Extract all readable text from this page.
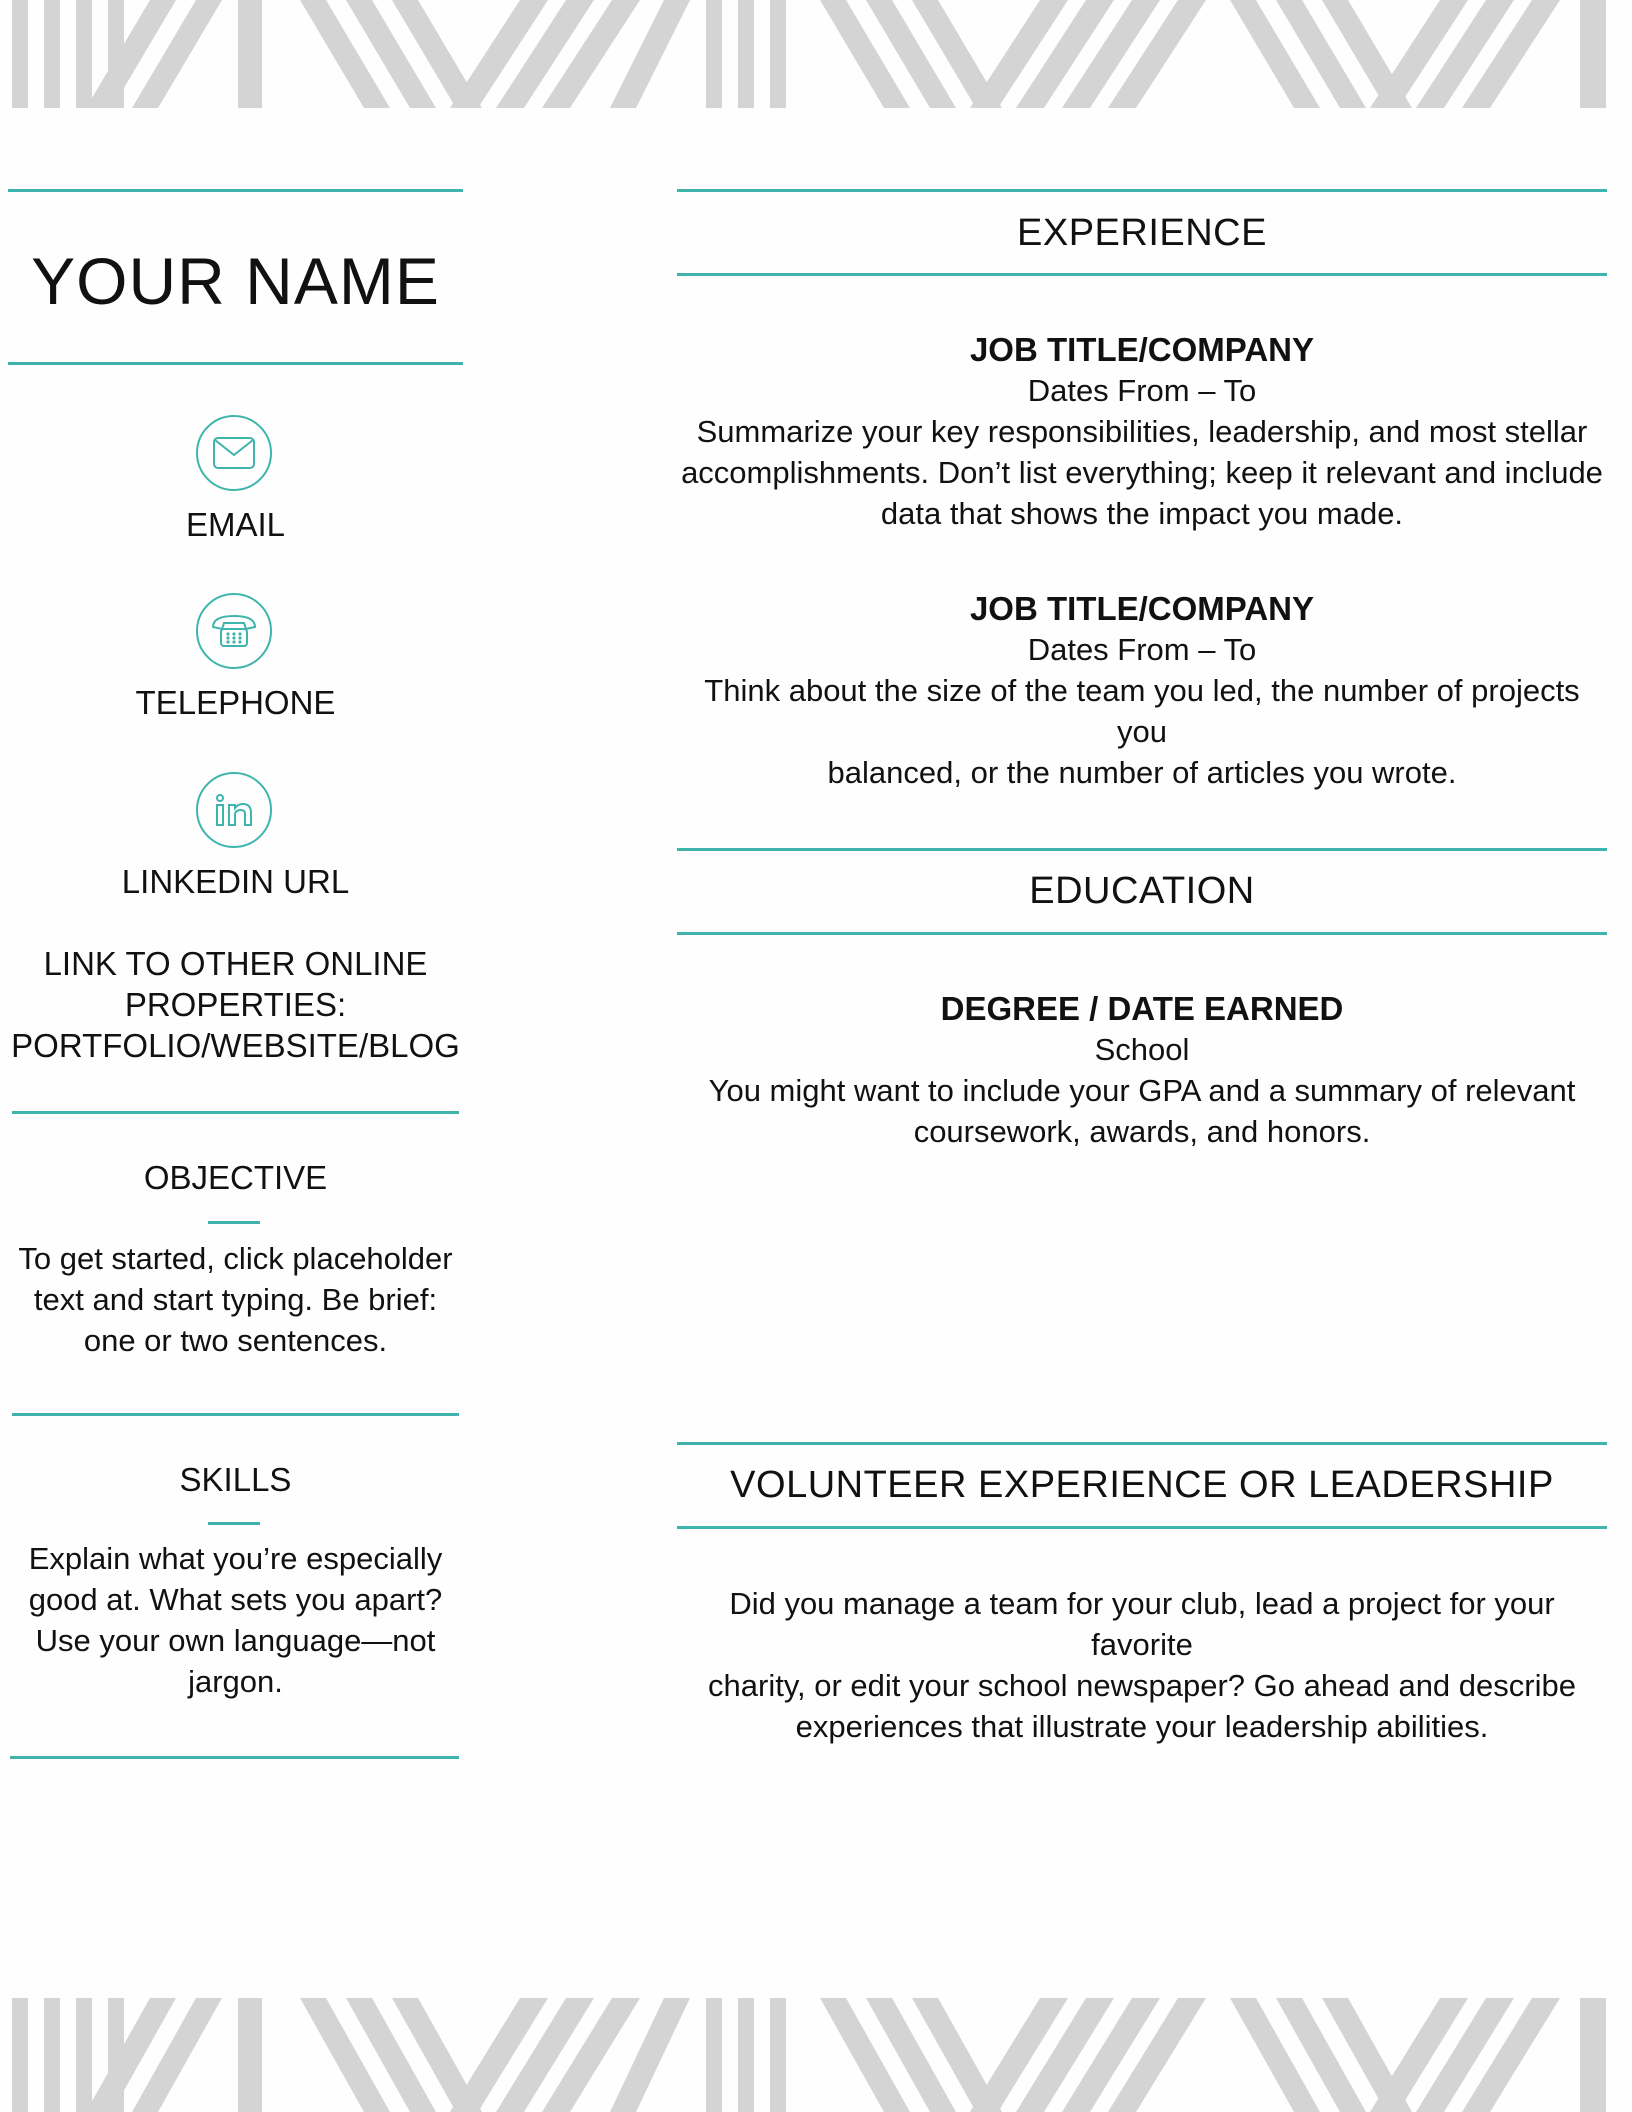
YOUR NAME
EMAIL
TELEPHONE
LINKEDIN URL
LINK TO OTHER ONLINE
PROPERTIES:
PORTFOLIO/WEBSITE/BLOG
OBJECTIVE
To get started, click placeholder
text and start typing. Be brief:
one or two sentences.
SKILLS
Explain what you’re especially
good at. What sets you apart?
Use your own language—not
jargon.
EXPERIENCE
JOB TITLE/COMPANY
Dates From – To
Summarize your key responsibilities, leadership, and most stellar
accomplishments. Don’t list everything; keep it relevant and include
data that shows the impact you made.
JOB TITLE/COMPANY
Dates From – To
Think about the size of the team you led, the number of projects you
balanced, or the number of articles you wrote.
EDUCATION
DEGREE / DATE EARNED
School
You might want to include your GPA and a summary of relevant
coursework, awards, and honors.
VOLUNTEER EXPERIENCE OR LEADERSHIP
Did you manage a team for your club, lead a project for your favorite
charity, or edit your school newspaper? Go ahead and describe
experiences that illustrate your leadership abilities.
